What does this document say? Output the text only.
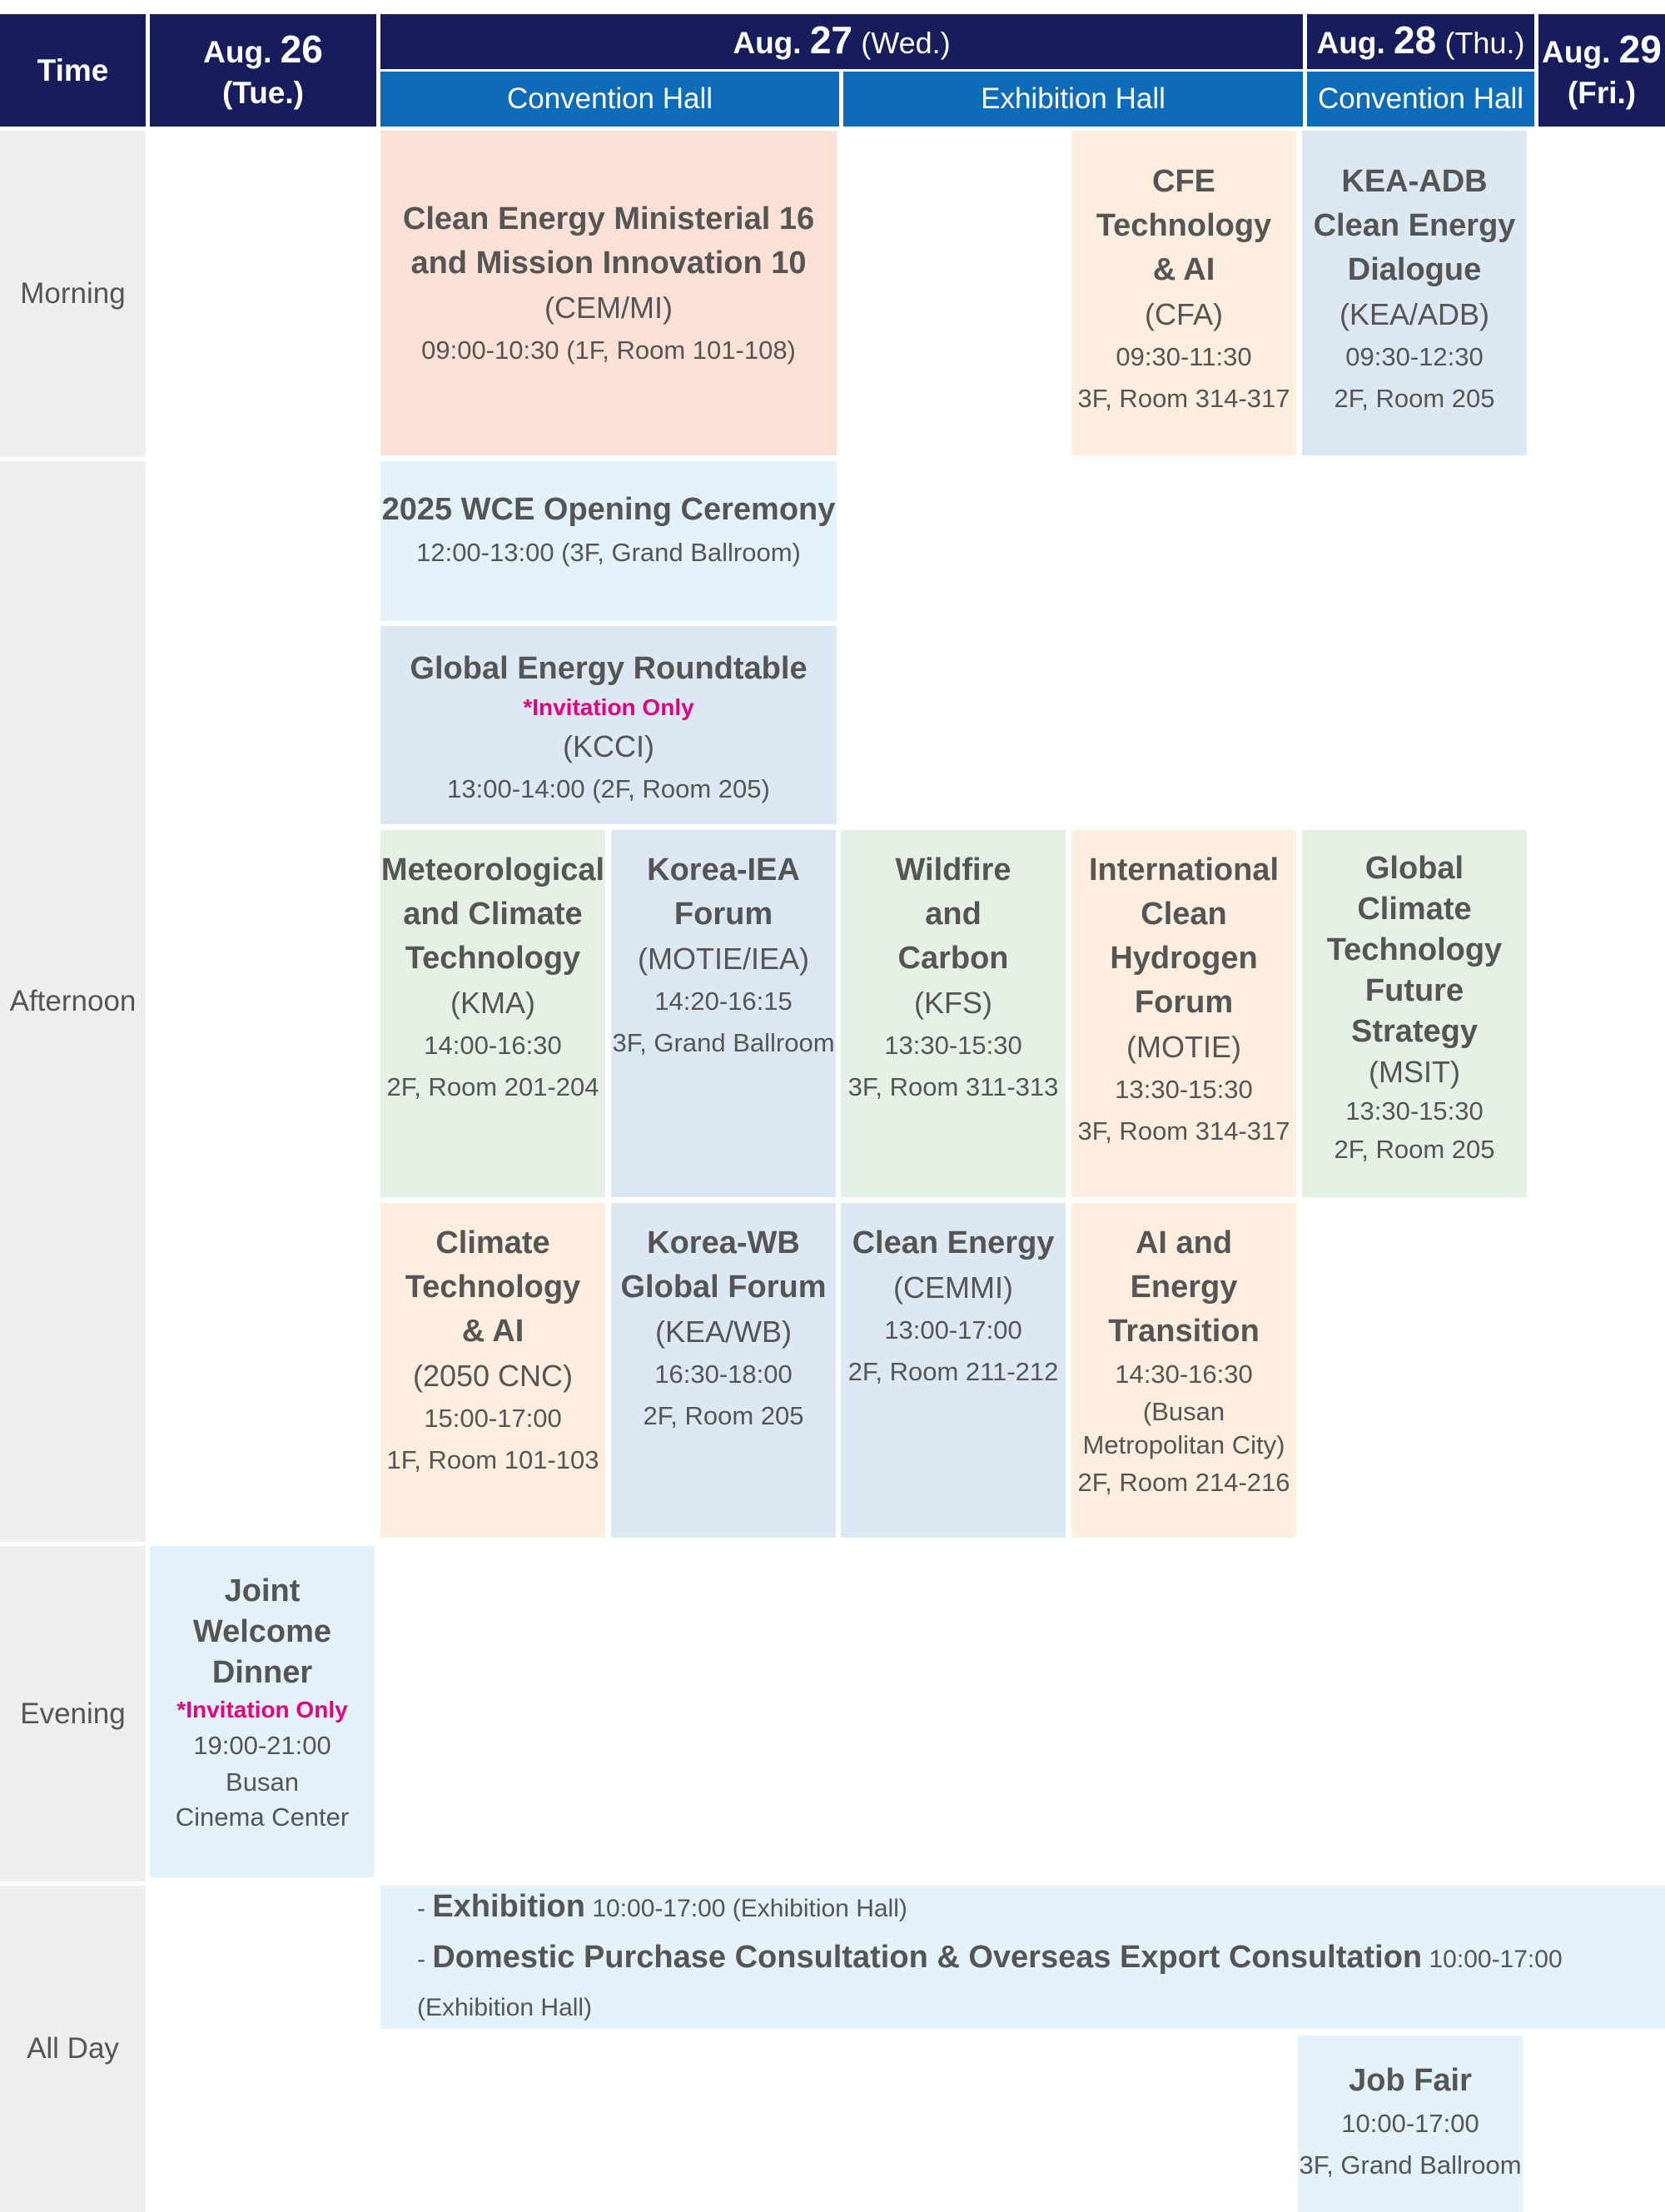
Time
Aug. 26
(Tue.)
Aug. 27 (Wed.)
Convention Hall	Exhibition Hall
Aug. 28 (Thu.)
Convention Hall
Aug. 29
(Fri.)
Morning
Afternoon
Evening
All Day
Clean Energy Ministerial 16
and Mission Innovation 10
(CEM/MI)
09:00-10:30 (1F, Room 101-108)
CFE
Technology
& AI
(CFA)
09:30-11:30
3F, Room 314-317
KEA-ADB
Clean Energy
Dialogue
(KEA/ADB)
09:30-12:30
2F, Room 205
2025 WCE Opening Ceremony
12:00-13:00 (3F, Grand Ballroom)
Global Energy Roundtable
*Invitation Only
(KCCI)
13:00-14:00 (2F, Room 205)
Meteorological
and Climate
Technology
(KMA)
14:00-16:30
2F, Room 201-204
Korea-IEA
Forum
(MOTIE/IEA)
14:20-16:15
3F, Grand Ballroom
Wildfire
and
Carbon
(KFS)
13:30-15:30
3F, Room 311-313
International
Clean
Hydrogen
Forum
(MOTIE)
13:30-15:30
3F, Room 314-317
Global
Climate
Technology
Future
Strategy
(MSIT)
13:30-15:30
2F, Room 205
Climate
Technology
& AI
(2050 CNC)
15:00-17:00
1F, Room 101-103
Korea-WB
Global Forum
(KEA/WB)
16:30-18:00
2F, Room 205
Clean Energy
(CEMMI)
13:00-17:00
2F, Room 211-212
AI and
Energy
Transition
14:30-16:30
(Busan
Metropolitan City)
2F, Room 214-216
Joint
Welcome
Dinner
*Invitation Only
19:00-21:00
Busan
Cinema Center
- Exhibition 10:00-17:00 (Exhibition Hall)
- Domestic Purchase Consultation & Overseas Export Consultation 10:00-17:00 (Exhibition Hall)
Job Fair
10:00-17:00
3F, Grand Ballroom
